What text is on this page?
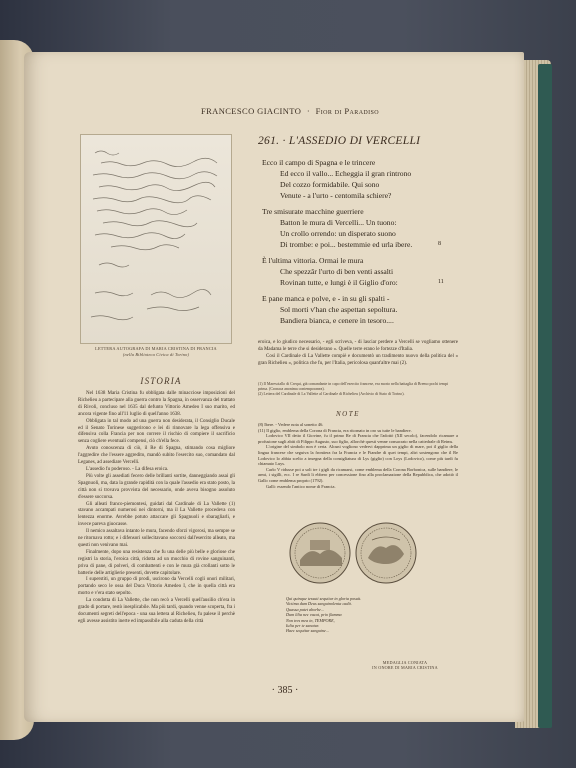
FRANCESCO GIACINTO · Fior di Paradiso
LETTERA AUTOGRAFA DI MARIA CRISTINA DI FRANCIA
(nella Biblioteca Civica di Torino)
261. · L'ASSEDIO DI VERCELLI
Ecco il campo di Spagna e le trincere
Ed ecco il vallo... Echeggia il gran rintrono
Del cozzo formidabile. Qui sono
Venute - a l'urto - centomila schiere?
Tre smisurate macchine guerriere
Batton le mura di Vercelli... Un tuono:
Un crollo orrendo: un disperato suono
Di trombe: e poi... bestemmie ed urla ibere.	8
È l'ultima vittoria. Ormai le mura
Che spezzâr l'urto di ben venti assalti
Rovinan tutte, e lungi è il Giglio d'oro:	11
E pane manca e polve, e - in su gli spalti -
Sol morti v'han che aspettan sepoltura.
Bandiera bianca, e cenere in tesoro....
ISTORIA

Nel 1638 Maria Cristina fu obbligata dalle minacciose imposizioni del Richelieu a partecipare alla guerra contro la Spagna, in osservanza del trattato di Rivoli, concluso nel 1635 dal defunto Vittorio Amedeo I suo marito, ed ancora vigente fino all'11 luglio di quell'anno 1638.

Obbligata in tal modo ad una guerra non desiderata, il Consiglio Ducale ed il Senato Torinese suggerirono e lei di rinnovare la lega offensiva e difensiva colla Francia per non correre il rischio di compiere il sacrificio senza cogliere eventuali compensi, ciò ch'ella fece.

Avuto conoscenza di ciò, il Re di Spagna, stimando cosa migliore l'aggredire che l'essere aggredito, mandò subito l'esercito suo, comandato dal Leganes, ad assediare Vercelli.

L'assedio fu poderoso. - La difesa eroica.

Più volte gli assediati fecero delle brillanti sortite, danneggiando assai gli Spagnuoli, ma, data la grande rapidità con la quale l'assedio era stato posto, la città non si trovava provvista del necessario, onde aveva bisogno assoluto d'essere soccorsa.

Gli alleati franco-piemontesi, guidati dal Cardinale di La Vallette (1) stavano accampati numerosi nei dintorni, ma il La Vallette procedeva con lentezza enorme. Avrebbe potuto attaccare gli Spagnuoli e sbaragliarli, e invece pareva giuocasse.

Il nemico assaltava intanto le mura, facendo sforzi vigorosi, ma sempre se ne ritornava rotto; e i difensori sollecitavano soccorsi dall'esercito alleato, ma questi non venivano mai.

Finalmente, dopo una resistenza che fu una delle più belle e gloriose che registri la storia, l'eroica città, ridotta ad un mucchio di rovine sanguinanti, priva di pane, di polveri, di combattenti e con le mura già crollanti sotto le batterie delle artiglierie presenti, dovette capitolare.

I superstiti, un gruppo di prodi, uscirono da Vercelli cogli onori militari, portando seco le ossa del Duca Vittorio Amedeo I, che in quella città era morto e v'era stato sepolto.

La condotta di La Vallette, che non recò a Vercelli quell'ausilio ch'era in grado di portare, restò inesplicabile. Ma più tardi, quando venne scoperta, fra i documenti segreti dell'epoca - una sua lettera al Richelieu, fu palese il perchè egli avesse assistito inerte ed impassibile alla caduta della città

eroica, e lo giudico necessario, - egli scriveva, - di lasciar perdere a Vercelli se vogliamo ottenere da Madama le terre che si desiderano ». Quelle terre erano le fortezze d'Italia.

Così il Cardinale di La Vallette compiè e documentò un tradimento nuovo della politica del « gran Richelieu », politica che fu, per l'Italia, pericolosa quant'altre mai (2).

(1) Il Maresciallo di Crequi, già comandante in capo dell'esercito francese, era morto nella battaglia di Bremo pochi tempi prima. (Cronaca anonima contemporanea).
(2) Lettera del Cardinale di La Vallette al Cardinale di Richelieu (Archivio di Stato di Torino).
NOTE

(8) Ibere. - Vedere nota al sonetto 46.

(11) Il giglio, emblema della Corona di Francia, era ritornato in oro su tutte le bandiere.

Lodovico VII detto il Giovine, fu il primo Re di Francia che l'adottò (XII secolo), facendolo ricamare a profusione sugli abiti di Filippo Augusto, suo figlio, allorchè questi venne consacrato nella cattedrale di Reims.

L'origine del simbolo non è certa. Alcuni vogliono vedervi dapprima un giglio di mare, poi il giglio della lingua francese che seguiva la frontiera fra la Francia e le Fiandre di quei tempi, altri sostengono che il Re Lodovico lo abbia scelto a insegna della consigliatura di Lys (giglio) con Loys (Lodovico), come più tardi fu chiamato Luys.

Carlo V ridusse poi a soli tre i gigli da ricamarsi, come emblema della Corona Borbonica, sulle bandiere, le armi, i sigilli, ecc. I re Sardi li ebbero per concessione fino alla proclamazione della Repubblica, che adottò il Gallo come emblema proprio (1792).

Galli: essendo l'antico nome di Francia.

Qui quinque tessuti sequitur in gloria posuit.
Victima dum Deus sanguinolenta cadit.
Quassa patet aborbe...
Dum lilia nec vacat, prio flamma
Non tres mea in, TEMPORE,
Iulia per te sanatur.
Haec sequitur sanguine...
MEDAGLIA CONIATA
IN ONORE DI MARIA CRISTINA
· 385 ·
